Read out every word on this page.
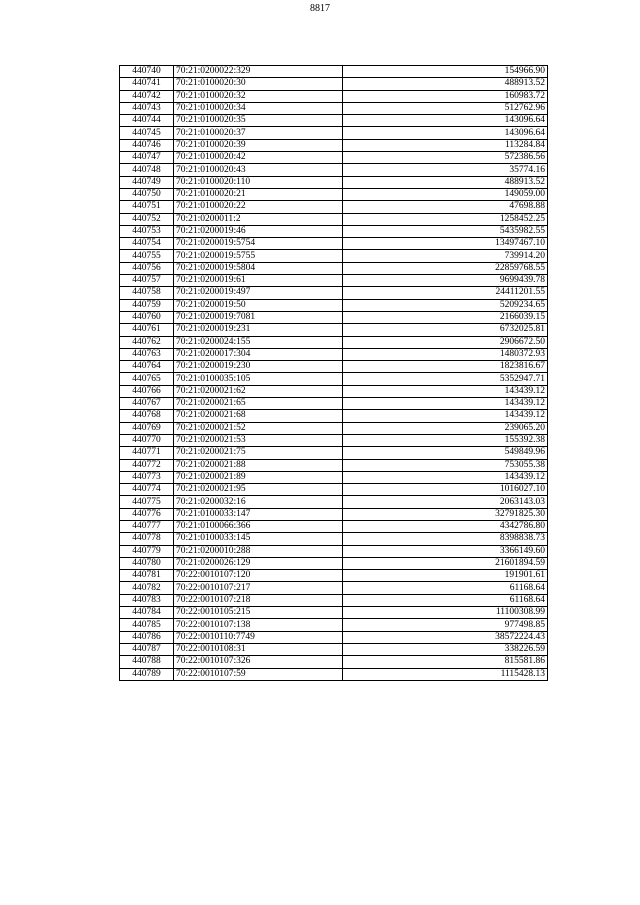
8817
440740	70:21:0200022:329	154966.90
440741	70:21:0100020:30	488913.52
440742	70:21:0100020:32	160983.72
440743	70:21:0100020:34	512762.96
440744	70:21:0100020:35	143096.64
440745	70:21:0100020:37	143096.64
440746	70:21:0100020:39	113284.84
440747	70:21:0100020:42	572386.56
440748	70:21:0100020:43	35774.16
440749	70:21:0100020:110	488913.52
440750	70:21:0100020:21	149059.00
440751	70:21:0100020:22	47698.88
440752	70:21:0200011:2	1258452.25
440753	70:21:0200019:46	5435982.55
440754	70:21:0200019:5754	13497467.10
440755	70:21:0200019:5755	739914.20
440756	70:21:0200019:5804	22859768.55
440757	70:21:0200019:61	9699439.78
440758	70:21:0200019:497	24411201.55
440759	70:21:0200019:50	5209234.65
440760	70:21:0200019:7081	2166039.15
440761	70:21:0200019:231	6732025.81
440762	70:21:0200024:155	2906672.50
440763	70:21:0200017:304	1480372.93
440764	70:21:0200019:230	1823816.67
440765	70:21:0100035:105	5352947.71
440766	70:21:0200021:62	143439.12
440767	70:21:0200021:65	143439.12
440768	70:21:0200021:68	143439.12
440769	70:21:0200021:52	239065.20
440770	70:21:0200021:53	155392.38
440771	70:21:0200021:75	549849.96
440772	70:21:0200021:88	753055.38
440773	70:21:0200021:89	143439.12
440774	70:21:0200021:95	1016027.10
440775	70:21:0200032:16	2063143.03
440776	70:21:0100033:147	32791825.30
440777	70:21:0100066:366	4342786.80
440778	70:21:0100033:145	8398838.73
440779	70:21:0200010:288	3366149.60
440780	70:21:0200026:129	21601894.59
440781	70:22:0010107:120	191901.61
440782	70:22:0010107:217	61168.64
440783	70:22:0010107:218	61168.64
440784	70:22:0010105:215	11100308.99
440785	70:22:0010107:138	977498.85
440786	70:22:0010110:7749	38572224.43
440787	70:22:0010108:31	338226.59
440788	70:22:0010107:326	815581.86
440789	70:22:0010107:59	1115428.13
